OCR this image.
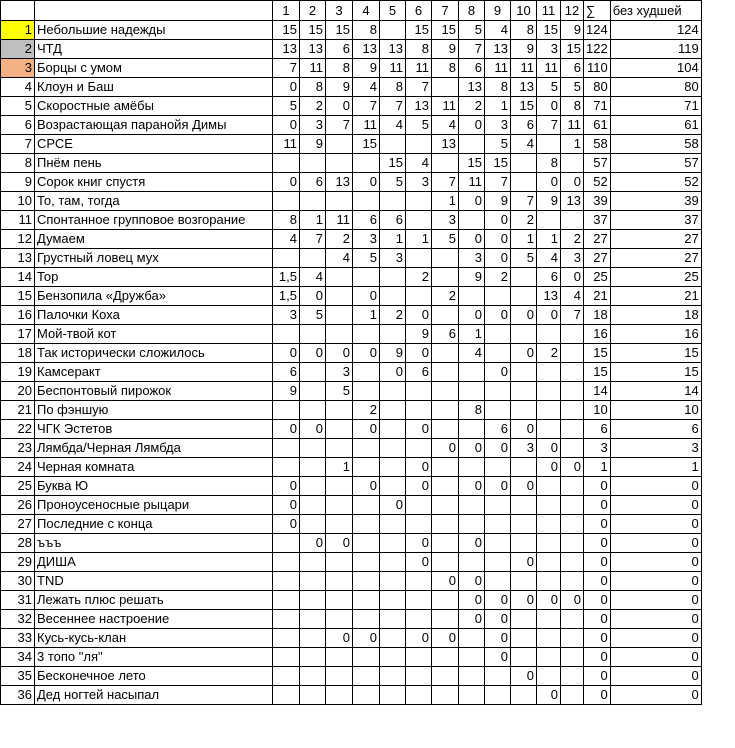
		1	2	3	4	5	6	7	8	9	10	11	12	∑	без худшей
1	Небольшие надежды	15	15	15	8		15	15	5	4	8	15	9	124	124
2	ЧТД	13	13	6	13	13	8	9	7	13	9	3	15	122	119
3	Борцы с умом	7	11	8	9	11	11	8	6	11	11	11	6	110	104
4	Клоун и Баш	0	8	9	4	8	7		13	8	13	5	5	80	80
5	Скоростные амёбы	5	2	0	7	7	13	11	2	1	15	0	8	71	71
6	Возрастающая паранойя Димы	0	3	7	11	4	5	4	0	3	6	7	11	61	61
7	СРСЕ	11	9		15			13		5	4		1	58	58
8	Пнём пень					15	4		15	15		8		57	57
9	Сорок книг спустя	0	6	13	0	5	3	7	11	7		0	0	52	52
10	То, там, тогда							1	0	9	7	9	13	39	39
11	Спонтанное групповое возгорание	8	1	11	6	6		3		0	2			37	37
12	Думаем	4	7	2	3	1	1	5	0	0	1	1	2	27	27
13	Грустный ловец мух			4	5	3			3	0	5	4	3	27	27
14	Тор	1,5	4				2		9	2		6	0	25	25
15	Бензопила «Дружба»	1,5	0		0			2				13	4	21	21
16	Палочки Коха	3	5		1	2	0		0	0	0	0	7	18	18
17	Мой-твой кот						9	6	1					16	16
18	Так исторически сложилось	0	0	0	0	9	0		4		0	2		15	15
19	Камсеракт	6		3		0	6			0				15	15
20	Беспонтовый пирожок	9		5										14	14
21	По фэншую				2				8					10	10
22	ЧГК Эстетов	0	0		0		0			6	0			6	6
23	Лямбда/Черная Лямбда							0	0	0	3	0		3	3
24	Черная комната			1			0					0	0	1	1
25	Буква Ю	0			0		0		0	0	0			0	0
26	Проноусеносные рыцари	0				0								0	0
27	Последние с конца	0												0	0
28	ъъъ		0	0			0		0					0	0
29	ДИША						0				0			0	0
30	TND							0	0					0	0
31	Лежать плюс решать								0	0	0	0	0	0	0
32	Весеннее настроение								0	0				0	0
33	Кусь-кусь-клан			0	0		0	0		0				0	0
34	3 топо "ля"									0				0	0
35	Бесконечное лето										0			0	0
36	Дед ногтей насыпал											0		0	0
